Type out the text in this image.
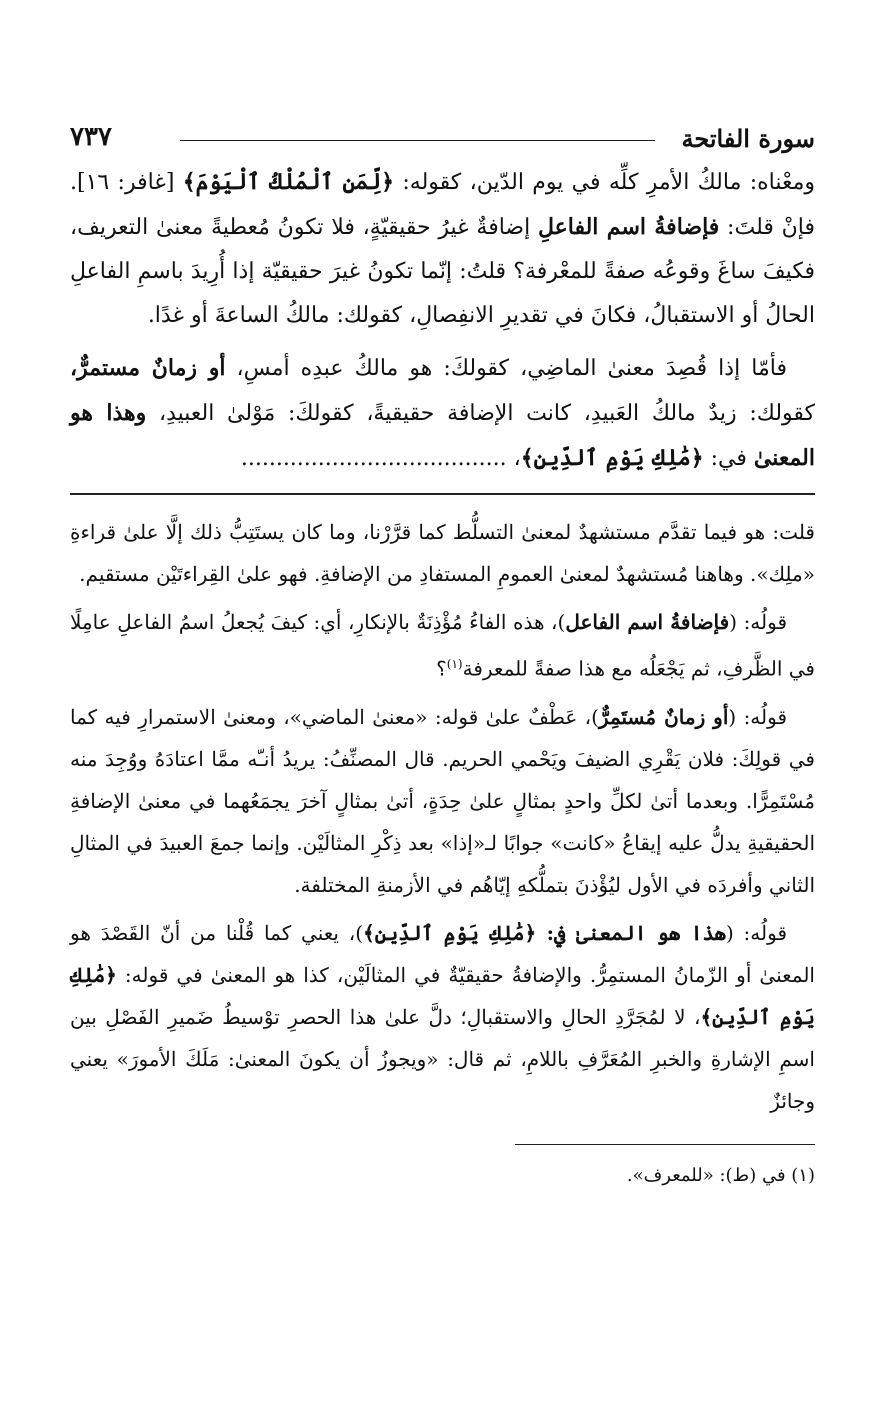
سورة الفاتحة
٧٣٧

ومعْناه: مالكُ الأمرِ كلِّه في يوم الدّين، كقوله: ﴿لِّمَنِ ٱلْمُلْكُ ٱلْيَوْمَ﴾ [غافر: ١٦]. فإنْ قلتَ: فإضافةُ اسم الفاعلِ إضافةٌ غيرُ حقيقيّةٍ، فلا تكونُ مُعطيةً معنىٰ التعريف، فكيفَ ساغَ وقوعُه صفةً للمعْرفة؟ قلتُ: إنّما تكونُ غيرَ حقيقيّة إذا أُرِيدَ باسمِ الفاعلِ الحالُ أو الاستقبالُ، فكانَ في تقديرِ الانفِصالِ، كقولك: مالكُ الساعةَ أو غدًا.

فأمّا إذا قُصِدَ معنىٰ الماضِي، كقولكَ: هو مالكُ عبدِه أمسِ، أو زمانٌ مستمرٌّ، كقولك: زيدٌ مالكُ العَبيدِ، كانت الإضافة حقيقيةً، كقولكَ: مَوْلىٰ العبيدِ، وهذا هو المعنىٰ في: ﴿مَٰلِكِ يَوْمِ ٱلدِّينِ﴾، ......................................

قلت: هو فيما تقدَّم مستشهدٌ لمعنىٰ التسلُّط كما قرَّرْنا، وما كان يستَتِبُّ ذلك إلَّا علىٰ قراءةِ «ملِك». وهاهنا مُستشهدٌ لمعنىٰ العمومِ المستفادِ من الإضافةِ. فهو علىٰ القِراءتَيْن مستقيم.

قولُه: (فإضافةُ اسم الفاعل)، هذه الفاءُ مُؤْذِنَةٌ بالإنكارِ، أي: كيفَ يُجعلُ اسمُ الفاعلِ عامِلًا في الظَّرفِ، ثم يَجْعَلُه مع هذا صفةً للمعرفة$^{(١)}$؟

قولُه: (أو زمانٌ مُستَمِرٌّ)، عَطْفٌ علىٰ قوله: «معنىٰ الماضي»، ومعنىٰ الاستمرارِ فيه كما في قولِكَ: فلان يَقْرِي الضيفَ ويَحْمي الحريم. قال المصنِّفُ: يريدُ أنـّه ممَّا اعتادَهُ ووُجِدَ منه مُسْتَمِرًّا. وبعدما أتىٰ لكلِّ واحدٍ بمثالٍ علىٰ حِدَةٍ، أتىٰ بمثالٍ آخرَ يجمَعُهما في معنىٰ الإضافةِ الحقيقيةِ يدلُّ عليه إيقاعُ «كانت» جوابًا لـ«إذا» بعد ذِكْرِ المثالَيْن. وإنما جمعَ العبيدَ في المثالِ الثاني وأفردَه في الأول ليُؤْذنَ بتملُّكهِ إيّاهُم في الأزمنةِ المختلفة.

قولُه: (هذا هو المعنىٰ في: ﴿مَٰلِكِ يَوْمِ ٱلدِّينِ﴾)، يعني كما قُلْنا من أنّ القَصْدَ هو المعنىٰ أو الزّمانُ المستمِرُّ. والإضافةُ حقيقيّةٌ في المثالَيْن، كذا هو المعنىٰ في قوله: ﴿مَٰلِكِ يَوْمِ ٱلدِّينِ﴾، لا لمُجَرَّدِ الحالِ والاستقبالِ؛ دلَّ علىٰ هذا الحصرِ توْسيطُ ضَميرِ الفَصْلِ بين اسمِ الإشارةِ والخبرِ المُعَرَّفِ باللامِ، ثم قال: «ويجوزُ أن يكونَ المعنىٰ: مَلَكَ الأمورَ» يعني وجائزٌ

(١) في (ط): «للمعرف».
